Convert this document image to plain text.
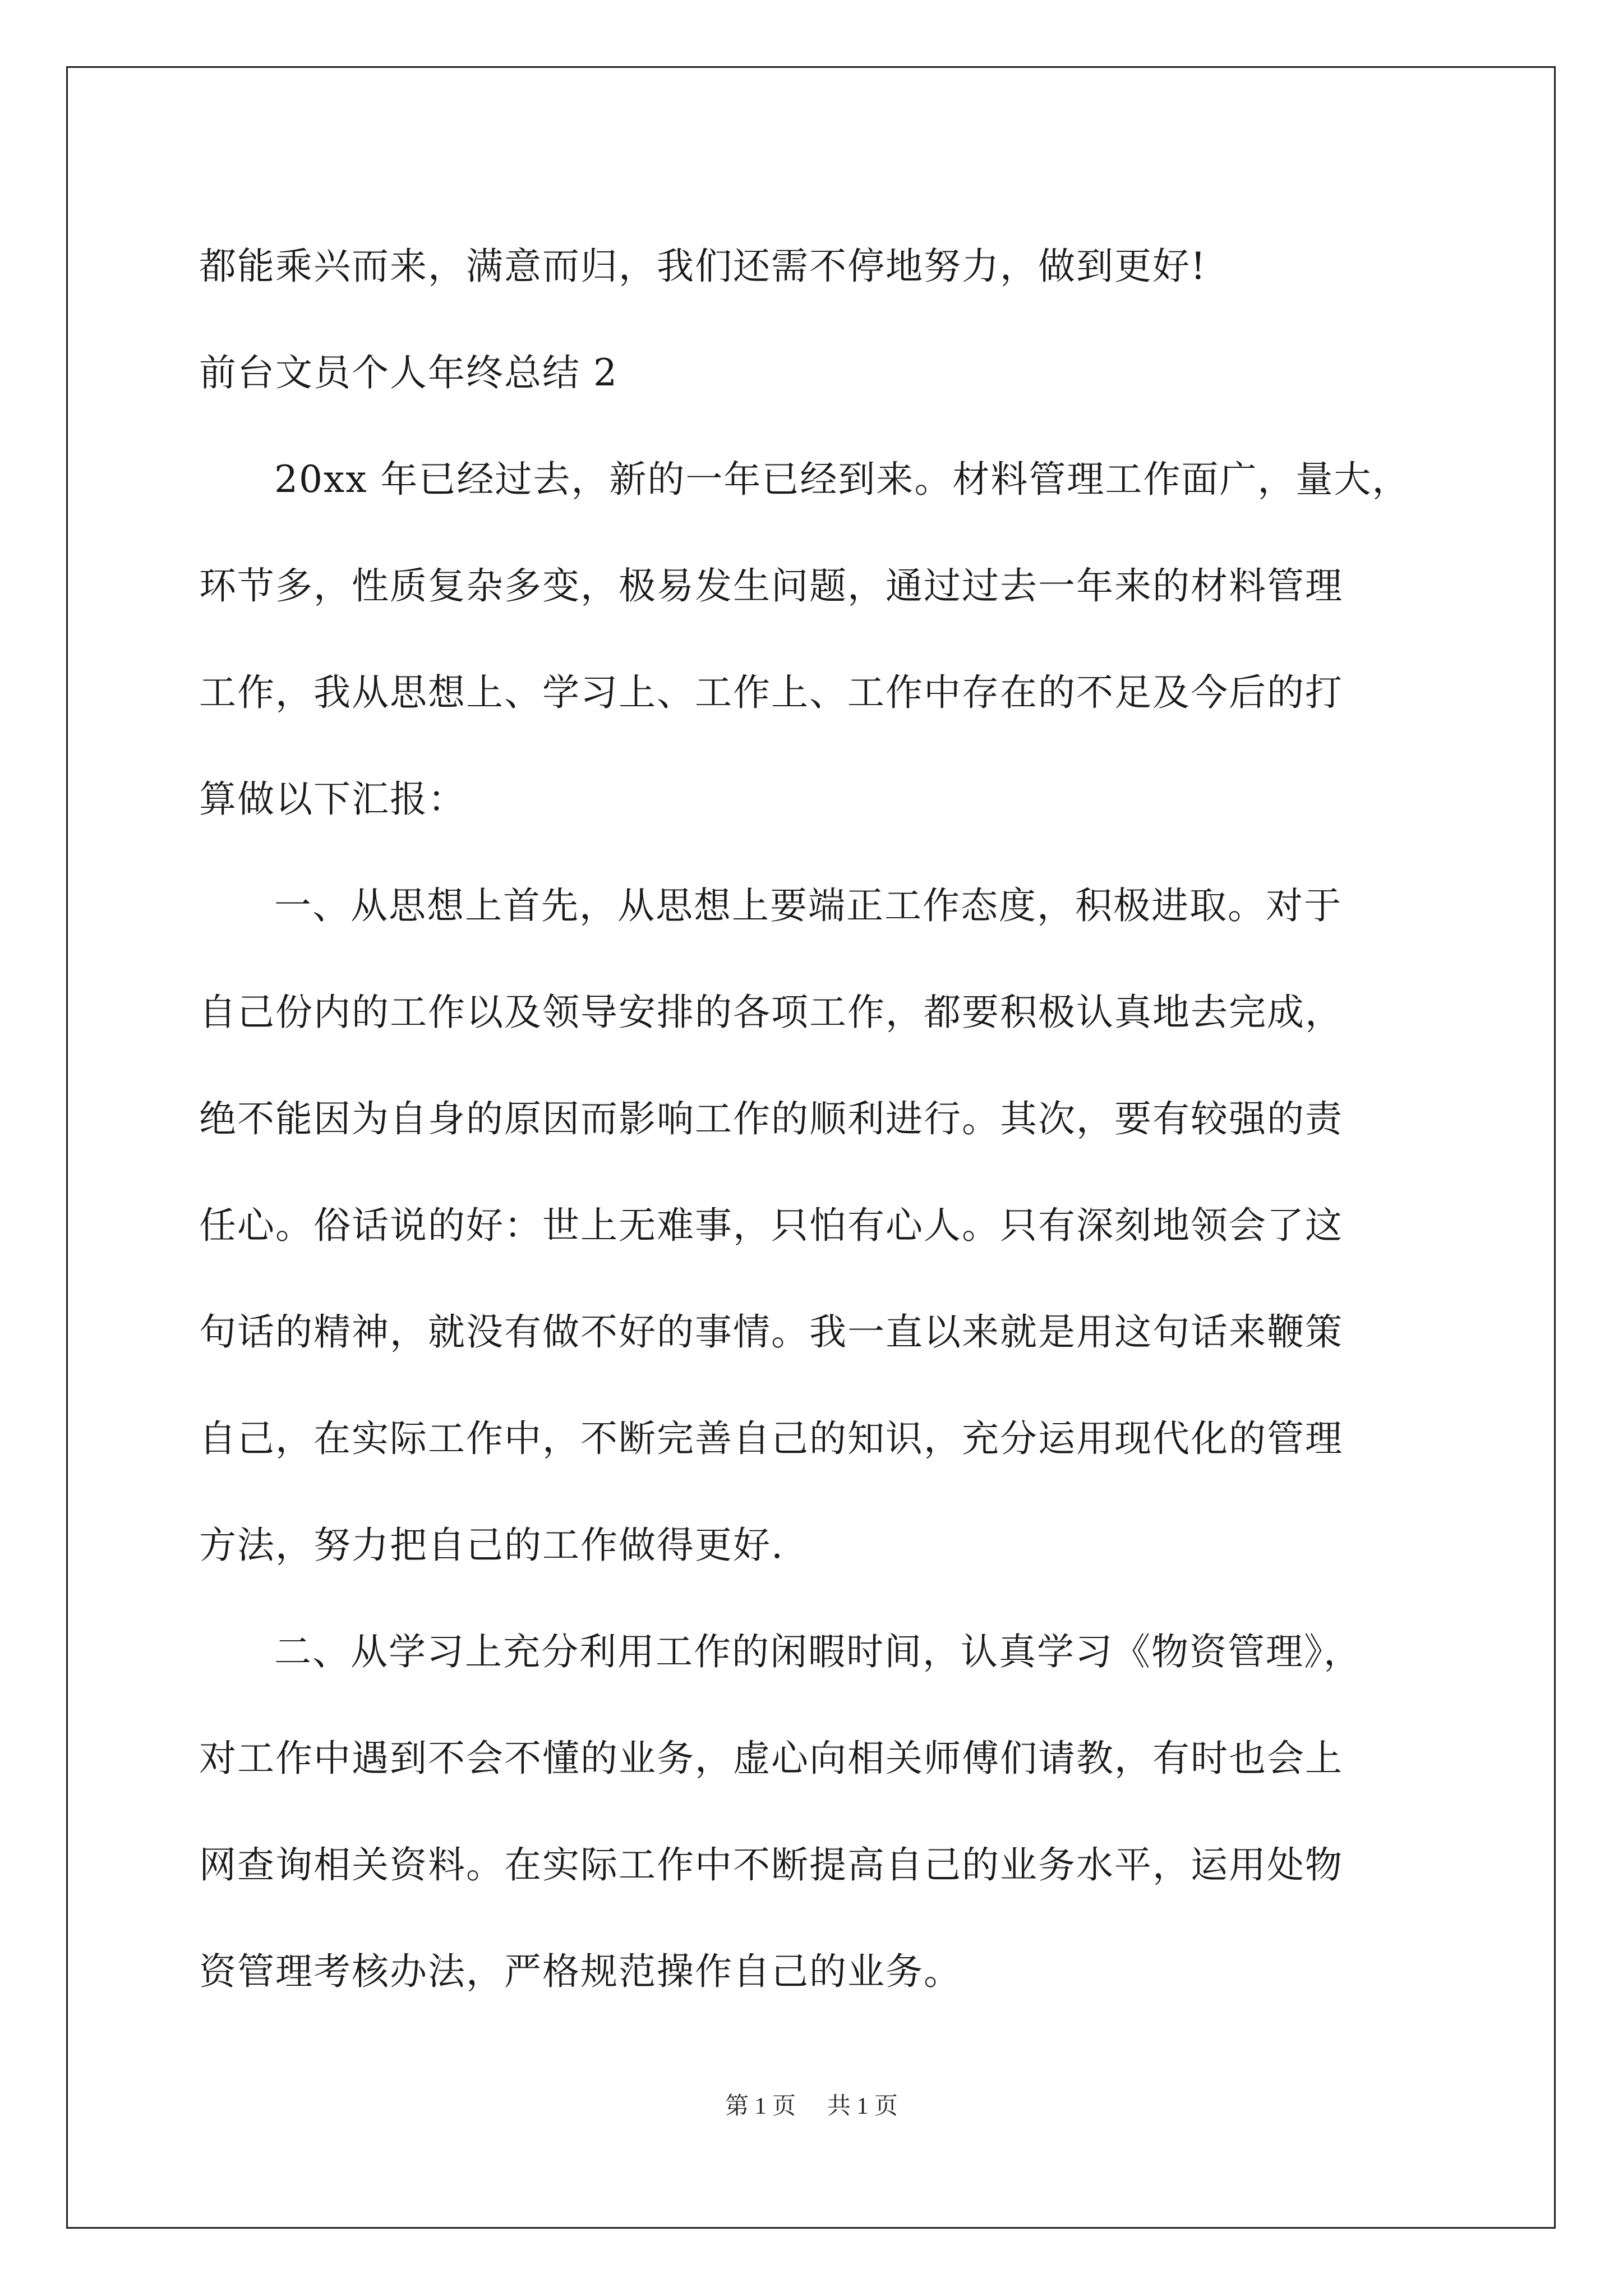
都能乘兴而来，满意而归，我们还需不停地努力，做到更好!
前台文员个人年终总结 2
20xx 年已经过去，新的一年已经到来。材料管理工作面广，量大，
环节多，性质复杂多变，极易发生问题，通过过去一年来的材料管理
工作，我从思想上、学习上、工作上、工作中存在的不足及今后的打
算做以下汇报：
一、从思想上首先，从思想上要端正工作态度，积极进取。对于
自己份内的工作以及领导安排的各项工作，都要积极认真地去完成，
绝不能因为自身的原因而影响工作的顺利进行。其次，要有较强的责
任心。俗话说的好：世上无难事，只怕有心人。只有深刻地领会了这
句话的精神，就没有做不好的事情。我一直以来就是用这句话来鞭策
自己，在实际工作中，不断完善自己的知识，充分运用现代化的管理
方法，努力把自己的工作做得更好.
二、从学习上充分利用工作的闲暇时间，认真学习《物资管理》，
对工作中遇到不会不懂的业务，虚心向相关师傅们请教，有时也会上
网查询相关资料。在实际工作中不断提高自己的业务水平，运用处物
资管理考核办法，严格规范操作自己的业务。
第 1 页 共 1 页
